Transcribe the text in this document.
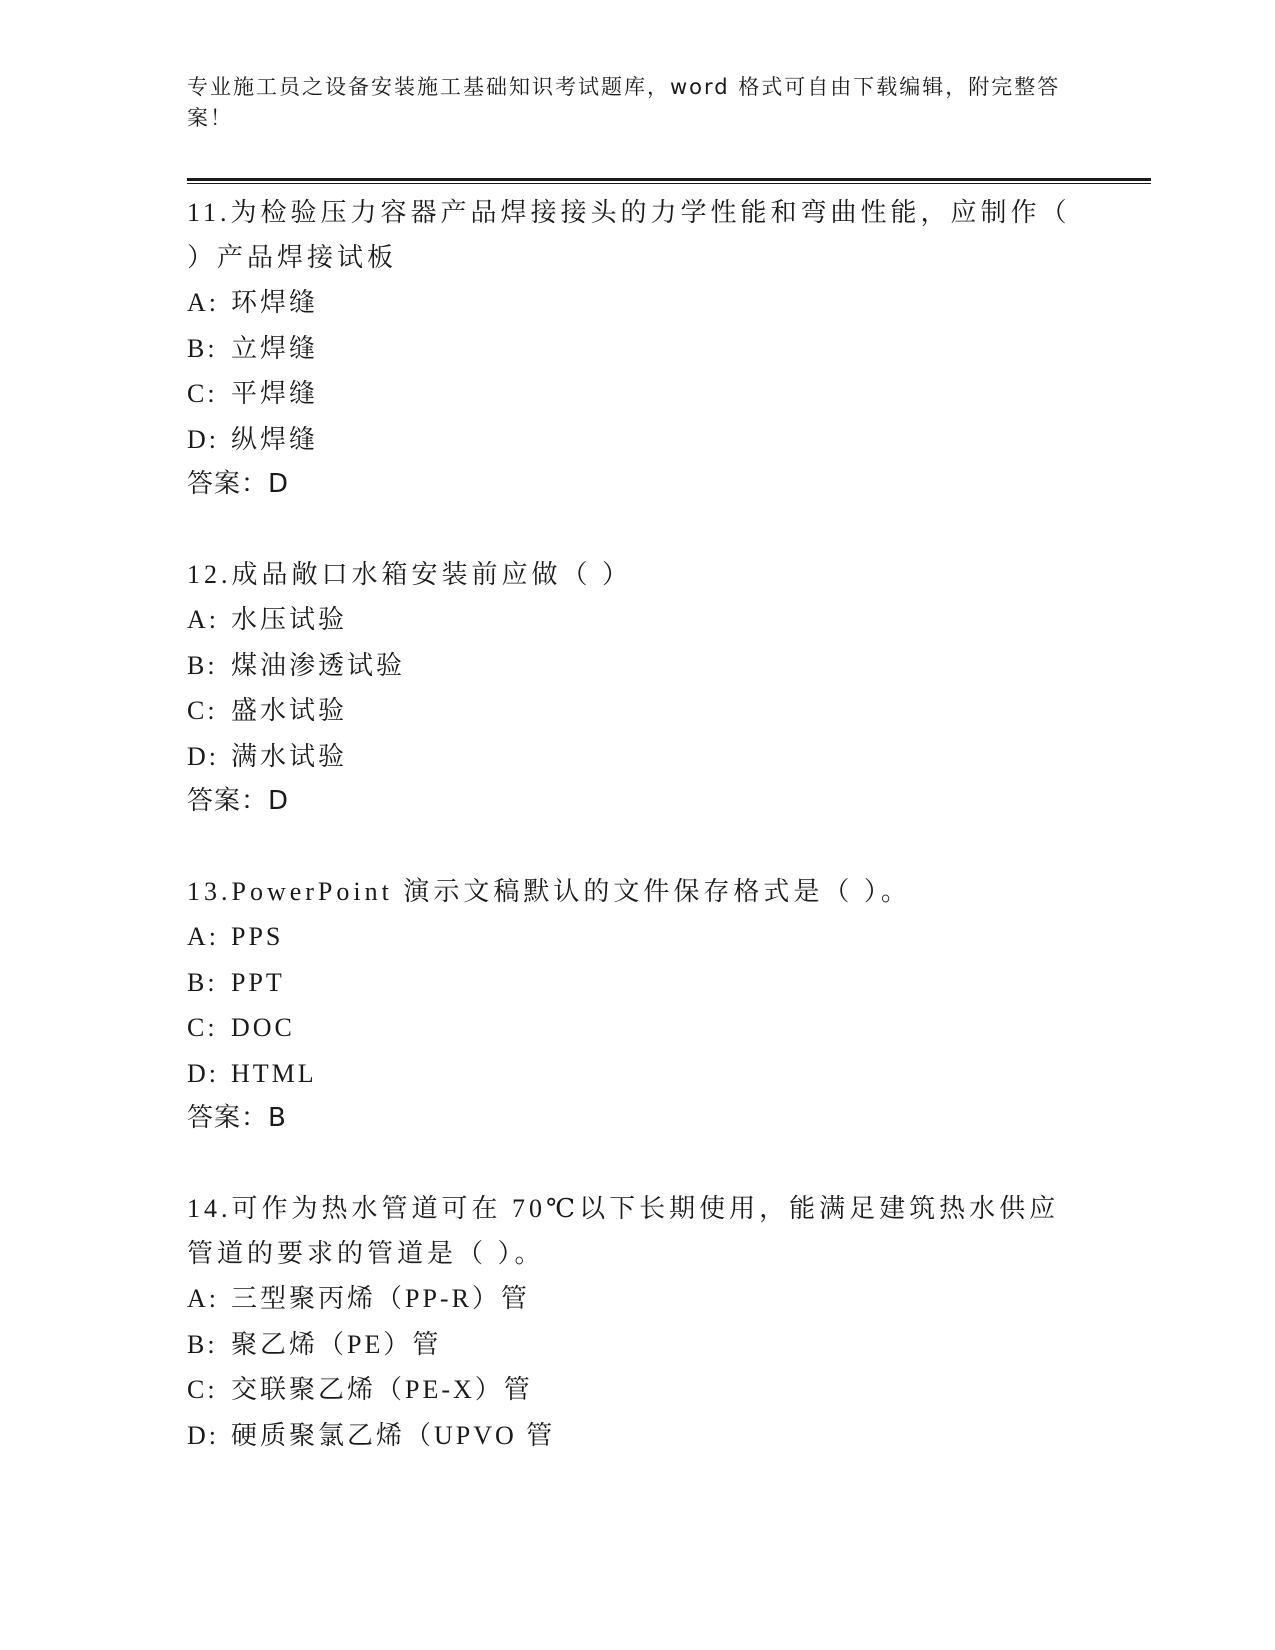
专业施工员之设备安装施工基础知识考试题库，word 格式可自由下载编辑，附完整答案！

11.为检验压力容器产品焊接接头的力学性能和弯曲性能，应制作（ ）产品焊接试板

A: 环焊缝
B: 立焊缝
C: 平焊缝
D: 纵焊缝
答案：D

12.成品敞口水箱安装前应做（ ）

A: 水压试验
B: 煤油渗透试验
C: 盛水试验
D: 满水试验
答案：D

13.PowerPoint 演示文稿默认的文件保存格式是（ ）。

A: PPS
B: PPT
C: DOC
D: HTML
答案：B

14.可作为热水管道可在 70℃以下长期使用，能满足建筑热水供应管道的要求的管道是（ ）。

A: 三型聚丙烯（PP-R）管
B: 聚乙烯（PE）管
C: 交联聚乙烯（PE-X）管
D: 硬质聚氯乙烯（UPVO 管
